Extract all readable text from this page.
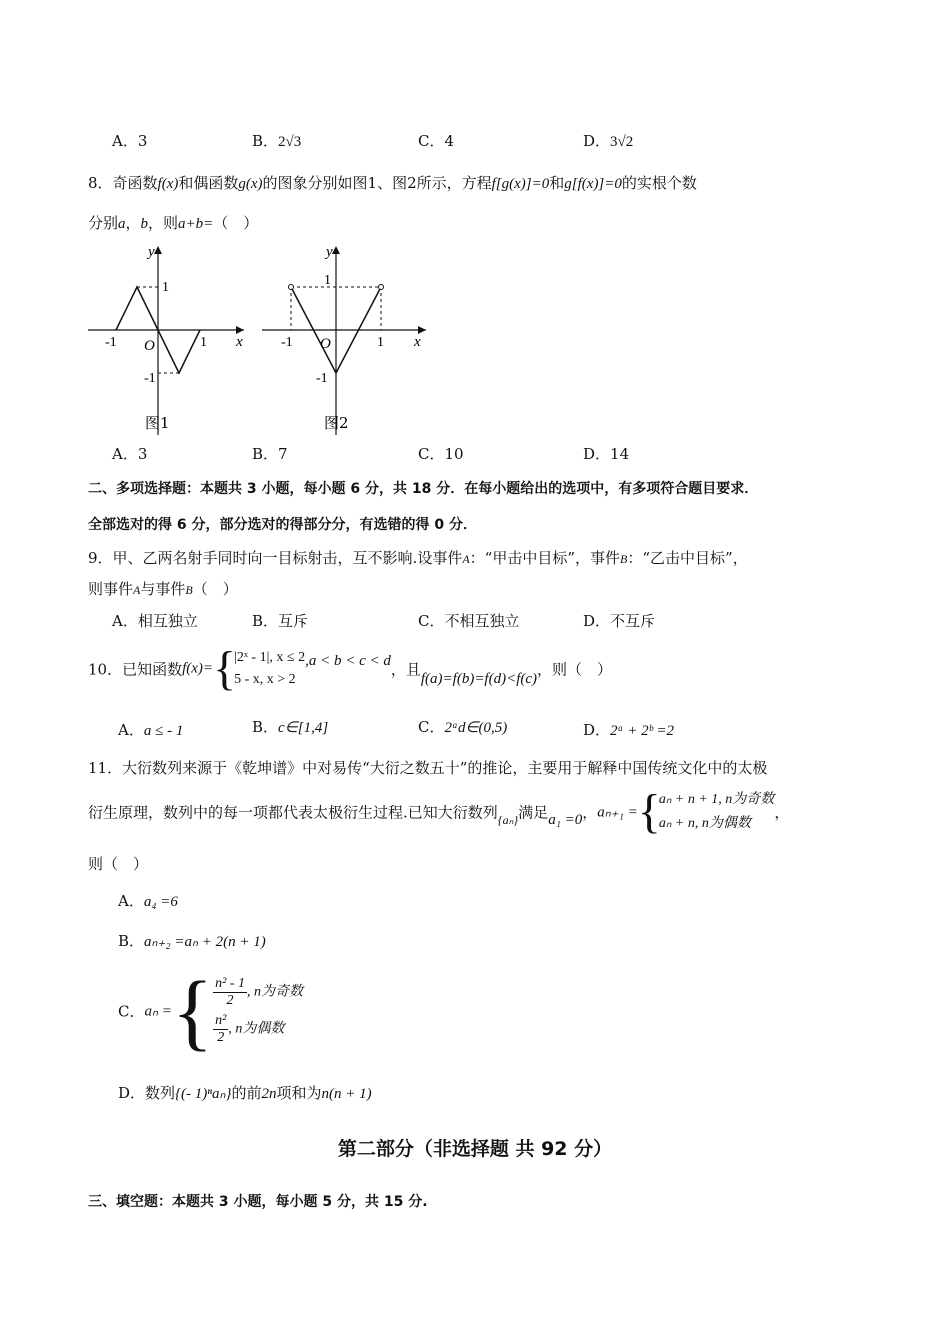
A．3	B．2√3	C．4	D．3√2
8．奇函数f(x)和偶函数g(x)的图象分别如图1、图2所示，方程f[g(x)]=0和g[f(x)]=0的实根个数
分别a，b，则a+b=（　）
y
x
O
1
-1	1
-1
图1
y
x
O
1
-1	1
-1
图2
A．3	B．7	C．10	D．14
二、多项选择题：本题共 3 小题，每小题 6 分，共 18 分．在每小题给出的选项中，有多项符合题目要求．
全部选对的得 6 分，部分选对的得部分分，有选错的得 0 分．
9．甲、乙两名射手同时向一目标射击，互不影响.设事件A：“甲击中目标”，事件B：“乙击中目标”，
则事件A与事件B（　）
A．相互独立	B．互斥	C．不相互独立	D．不互斥
10．已知函数f(x)={
|2ˣ - 1|, x ≤ 2
5 - x, x > 2
,a < b < c < d，且f(a)=f(b)=f(d)<f(c)，则（　）
A．a ≤ - 1	B．c∈[1,4]	C．2ᵃd∈(0,5)	D．2ᵃ + 2ᵇ =2
11．大衍数列来源于《乾坤谱》中对易传“大衍之数五十”的推论，主要用于解释中国传统文化中的太极
衍生原理，数列中的每一项都代表太极衍生过程.已知大衍数列$_{\{a_n\}}$满足a₁ =0，aₙ₊₁ ={
aₙ + n + 1, n为奇数
aₙ + n, n为偶数
，
则（　）
A．a₄ =6
B．aₙ₊₂ =aₙ + 2(n + 1)
C．aₙ ={ $\frac{\text{n² - 1}}{2}$ , n为奇数
$\frac{\text{n²}}{2}$ , n为偶数
D．数列{(- 1)ⁿaₙ}的前2n项和为n(n + 1)
第二部分（非选择题 共 92 分）
三、填空题：本题共 3 小题，每小题 5 分，共 15 分.
